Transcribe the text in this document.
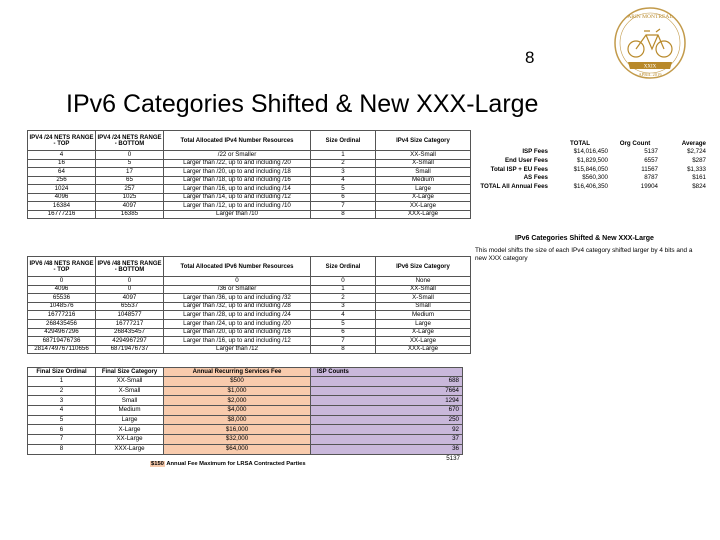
ARIN MONTREAL
XXIX
APRIL 2019
8
IPv6 Categories Shifted & New XXX-Large
IPV4 /24 NETS RANGE - TOP	IPV4 /24 NETS RANGE - BOTTOM	Total Allocated IPv4 Number Resources	Size Ordinal	IPv4 Size Category
4	0	/22 or Smaller	1	XX-Small
16	5	Larger than /22, up to and including /20	2	X-Small
64	17	Larger than /20, up to and including /18	3	Small
256	65	Larger than /18, up to and including /16	4	Medium
1024	257	Larger than /16, up to and including /14	5	Large
4096	1025	Larger than /14, up to and including /12	6	X-Large
16384	4097	Larger than /12, up to and including /10	7	XX-Large
16777216	16385	Larger than /10	8	XXX-Large
	TOTAL	Org Count	Average
ISP Fees	$14,016,450	5137	$2,724
End User Fees	$1,829,500	6557	$287
Total ISP + EU Fees	$15,846,050	11567	$1,333
AS Fees	$560,300	8787	$161
TOTAL All Annual Fees	$16,406,350	19904	$824
IPv6 Categories Shifted & New XXX-Large
This model shifts the size of each IPv4 category shifted larger by 4 bits and a new XXX category
IPV6 /48 NETS RANGE - TOP	IPV6 /48 NETS RANGE - BOTTOM	Total Allocated IPv6 Number Resources	Size Ordinal	IPv6 Size Category
0	0	0	0	None
4096	0	/36 or Smaller	1	XX-Small
65536	4097	Larger than /36, up to and including /32	2	X-Small
1048576	65537	Larger than /32, up to and including /28	3	Small
16777216	1048577	Larger than /28, up to and including /24	4	Medium
268435456	16777217	Larger than /24, up to and including /20	5	Large
4294967296	268435457	Larger than /20, up to and including /16	6	X-Large
68719476736	4294967297	Larger than /16, up to and including /12	7	XX-Large
2814749767110656	68719476737	Larger than /12	8	XXX-Large
Final Size Ordinal	Final Size Category	Annual Recurring Services Fee	ISP Counts
1	XX-Small	$500	688
2	X-Small	$1,000	7664
3	Small	$2,000	1294
4	Medium	$4,000	670
5	Large	$8,000	250
6	X-Large	$16,000	92
7	XX-Large	$32,000	37
8	XXX-Large	$64,000	36
5137
$150 Annual Fee Maximum for LRSA Contracted Parties
